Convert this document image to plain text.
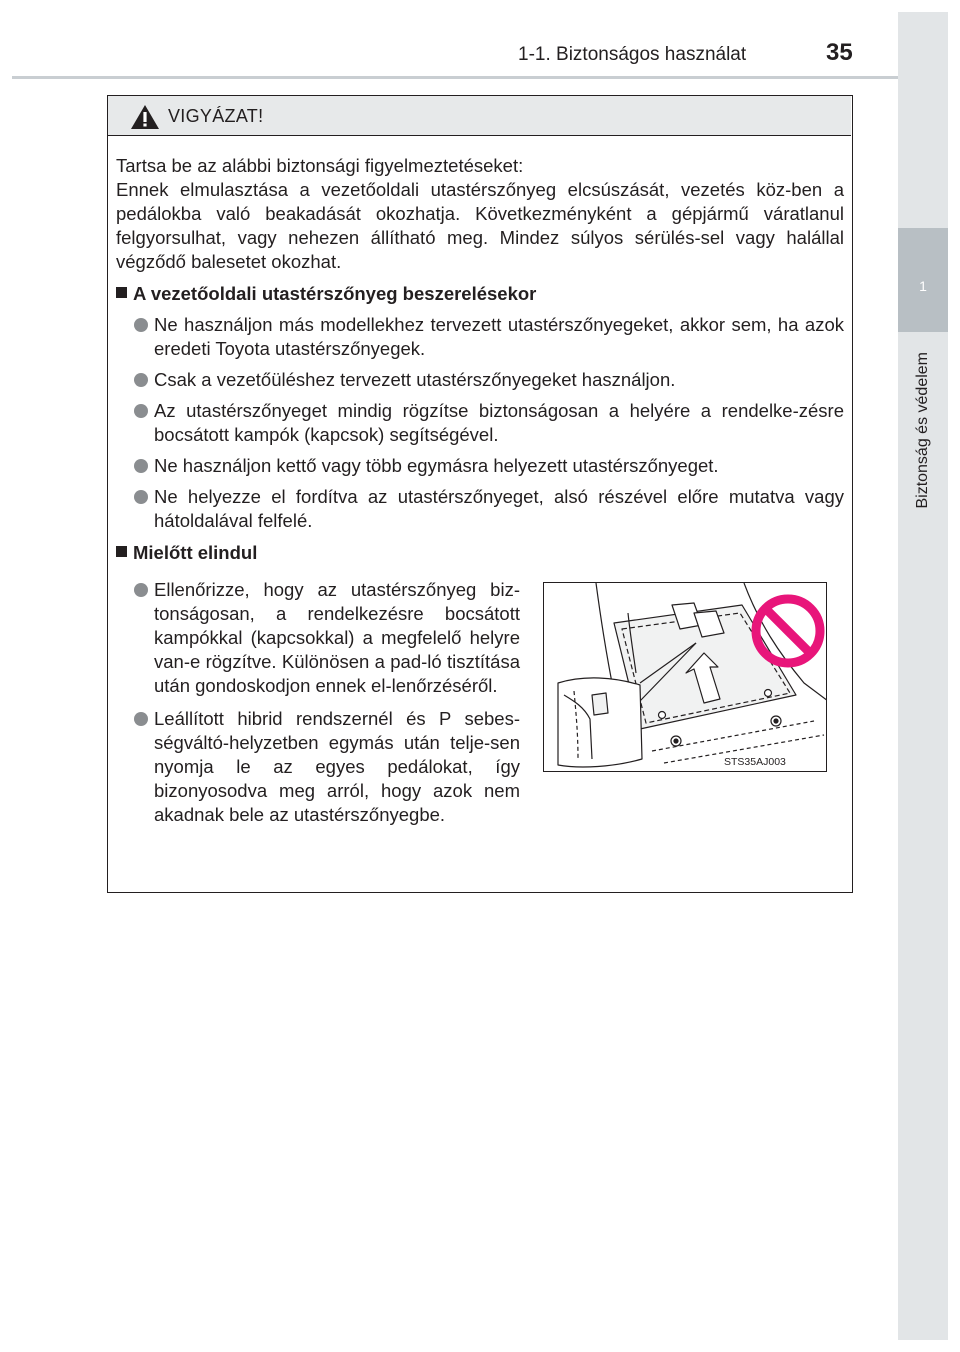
1-1. Biztonságos használat	35
1
Biztonság és védelem
VIGYÁZAT!

Tartsa be az alábbi biztonsági figyelmeztetéseket:

Ennek elmulasztása a vezetőoldali utastérszőnyeg elcsúszását, vezetés köz-ben a pedálokba való beakadását okozhatja. Következményként a gépjármű váratlanul felgyorsulhat, vagy nehezen állítható meg. Mindez súlyos sérülés-sel vagy halállal végződő balesetet okozhat.

A vezetőoldali utastérszőnyeg beszerelésekor
Ne használjon más modellekhez tervezett utastérszőnyegeket, akkor sem, ha azok eredeti Toyota utastérszőnyegek.
Csak a vezetőüléshez tervezett utastérszőnyegeket használjon.
Az utastérszőnyeget mindig rögzítse biztonságosan a helyére a rendelke-zésre bocsátott kampók (kapcsok) segítségével.
Ne használjon kettő vagy több egymásra helyezett utastérszőnyeget.
Ne helyezze el fordítva az utastérszőnyeget, alsó részével előre mutatva vagy hátoldalával felfelé.
Mielőtt elindul
Ellenőrizze, hogy az utastérszőnyeg biz-tonságosan, a rendelkezésre bocsátott kampókkal (kapcsokkal) a megfelelő helyre van-e rögzítve. Különösen a pad-ló tisztítása után gondoskodjon ennek el-lenőrzéséről.
Leállított hibrid rendszernél és P sebes-ségváltó-helyzetben egymás után telje-sen nyomja le az egyes pedálokat, így bizonyosodva meg arról, hogy azok nem akadnak bele az utastérszőnyegbe.
STS35AJ003
